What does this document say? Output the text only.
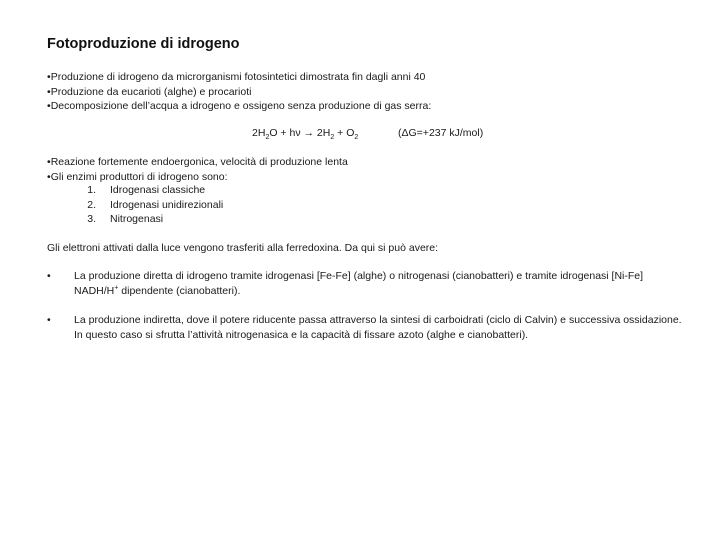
Fotoproduzione di idrogeno
•Produzione di idrogeno da microrganismi fotosintetici dimostrata fin dagli anni 40
•Produzione da eucarioti (alghe) e procarioti
•Decomposizione dell’acqua a idrogeno e ossigeno senza produzione di gas serra:
$2H_2O + h\nu \to 2H_2 + O_2$	(ΔG=+237 kJ/mol)
•Reazione fortemente endoergonica, velocità di produzione lenta
•Gli enzimi produttori di idrogeno sono:
1. Idrogenasi classiche
2. Idrogenasi unidirezionali
3. Nitrogenasi

Gli elettroni attivati dalla luce vengono trasferiti alla ferredoxina. Da qui si può avere:

• La produzione diretta di idrogeno tramite idrogenasi [Fe-Fe] (alghe) o nitrogenasi (cianobatteri) e tramite idrogenasi [Ni-Fe] NADH/H+ dipendente (cianobatteri).
• La produzione indiretta, dove il potere riducente passa attraverso la sintesi di carboidrati (ciclo di Calvin) e successiva ossidazione. In questo caso si sfrutta l’attività nitrogenasica e la capacità di fissare azoto (alghe e cianobatteri).
